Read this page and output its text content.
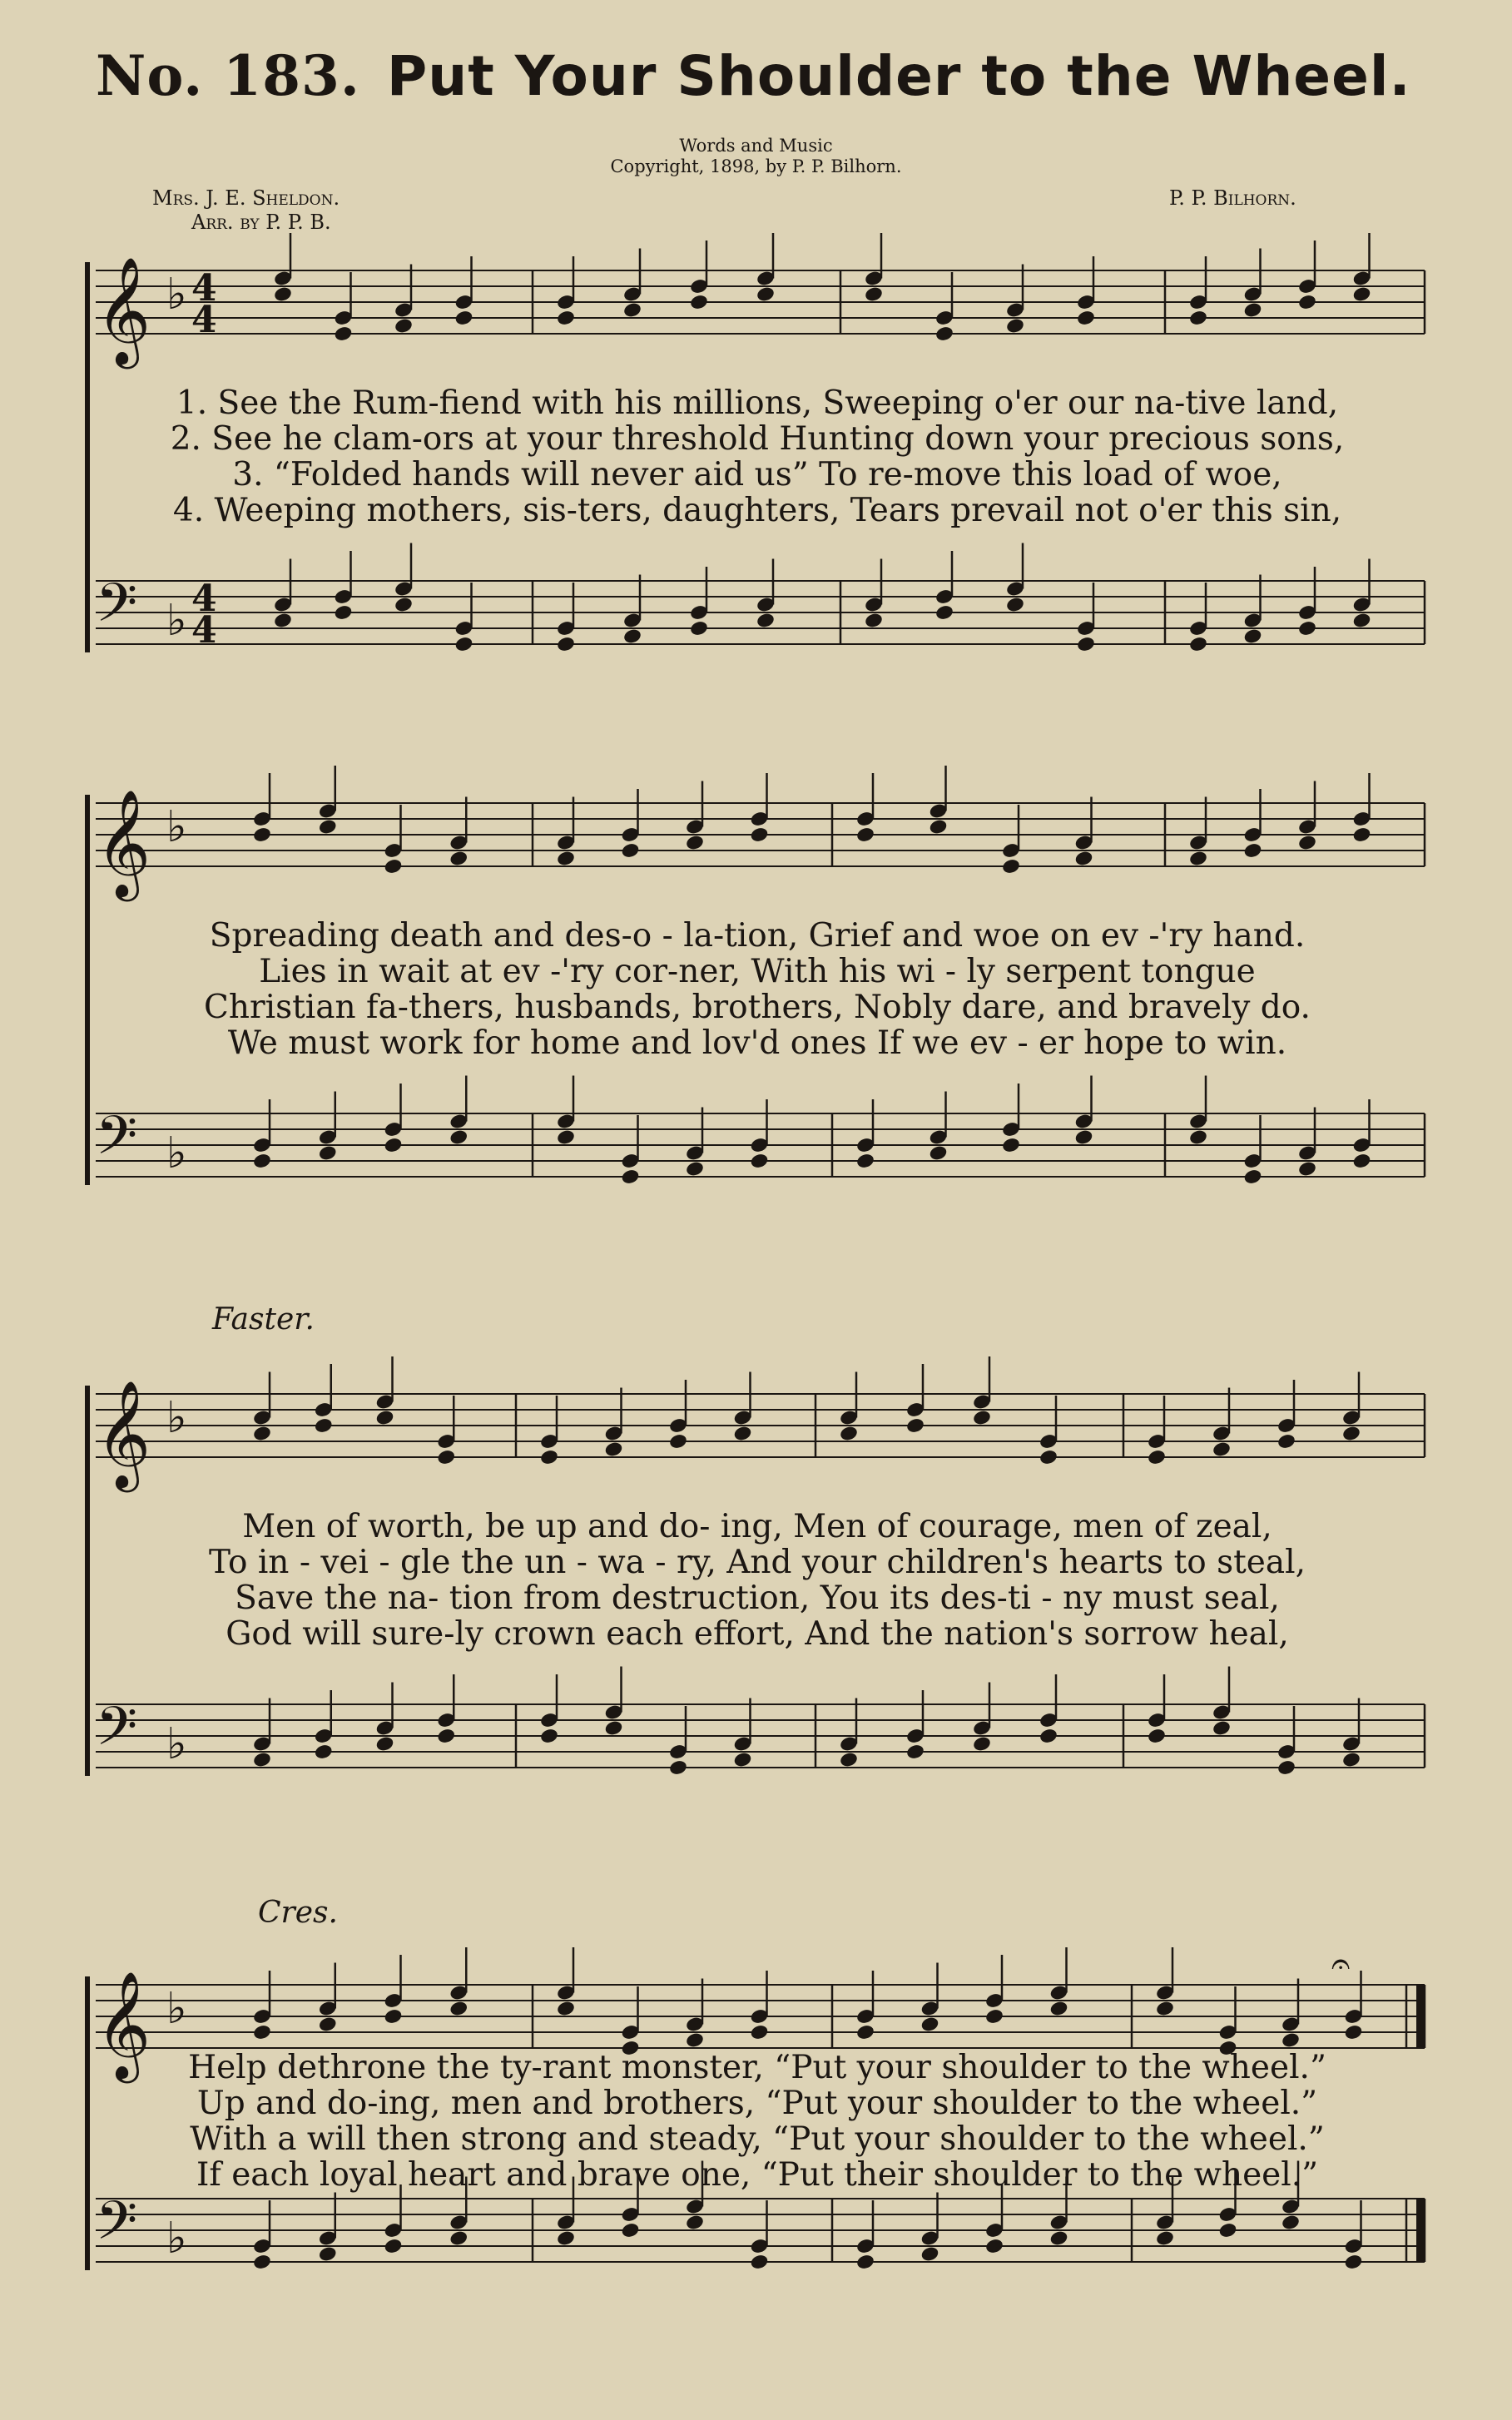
No. 183. Put Your Shoulder to the Wheel.
Words and Music
Copyright, 1898, by P. P. Bilhorn.
Mrs. J. E. Sheldon.
Arr. by P. P. B.
P. P. Bilhorn.
𝄞 ♭ 4
4
𝄢 ♭ 4
4
1. See the Rum-fiend with his millions, Sweeping o'er our na-tive land,
2. See he clam-ors at your threshold Hunting down your precious sons,
3. “Folded hands will never aid us” To re-move this load of woe,
4. Weeping mothers, sis-ters, daughters, Tears prevail not o'er this sin,
𝄞 ♭
𝄢 ♭
Spreading death and des-o - la-tion, Grief and woe on ev -'ry hand.
Lies in wait at ev -'ry cor-ner, With his wi - ly serpent tongue
Christian fa-thers, husbands, brothers, Nobly dare, and bravely do.
We must work for home and lov'd ones If we ev - er hope to win.
Faster.
𝄞 ♭
𝄢 ♭
Men of worth, be up and do- ing, Men of courage, men of zeal,
To in - vei - gle the un - wa - ry, And your children's hearts to steal,
Save the na- tion from destruction, You its des-ti - ny must seal,
God will sure-ly crown each effort, And the nation's sorrow heal,
Cres.
𝄞 ♭
𝄢 ♭
𝄐
Help dethrone the ty-rant monster, “Put your shoulder to the wheel.”
Up and do-ing, men and brothers, “Put your shoulder to the wheel.”
With a will then strong and steady, “Put your shoulder to the wheel.”
If each loyal heart and brave one, “Put their shoulder to the wheel.”
